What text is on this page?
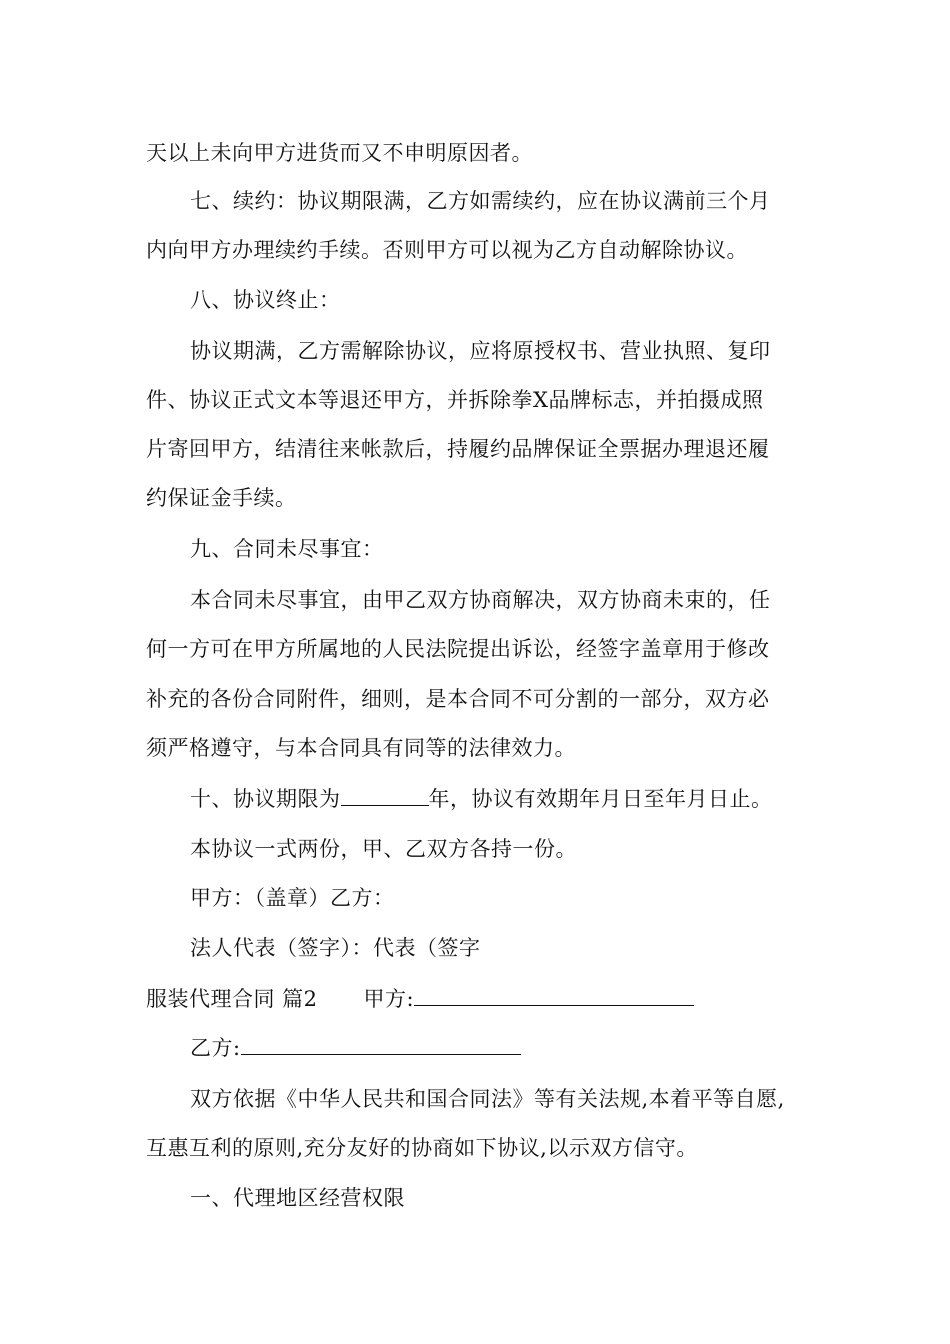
天以上未向甲方进货而又不申明原因者。
七、续约：协议期限满，乙方如需续约，应在协议满前三个月
内向甲方办理续约手续。否则甲方可以视为乙方自动解除协议。
八、协议终止：
协议期满，乙方需解除协议，应将原授权书、营业执照、复印
件、协议正式文本等退还甲方，并拆除拳X品牌标志，并拍摄成照
片寄回甲方，结清往来帐款后，持履约品牌保证全票据办理退还履
约保证金手续。
九、合同未尽事宜：
本合同未尽事宜，由甲乙双方协商解决，双方协商未束的，任
何一方可在甲方所属地的人民法院提出诉讼，经签字盖章用于修改
补充的各份合同附件，细则，是本合同不可分割的一部分，双方必
须严格遵守，与本合同具有同等的法律效力。
十、协议期限为	年，协议有效期年月日至年月日止。
本协议一式两份，甲、乙双方各持一份。
甲方：（盖章）乙方：
法人代表（签字）：代表（签字
服装代理合同 篇2 甲方:
乙方:
双方依据《中华人民共和国合同法》等有关法规,本着平等自愿,
互惠互利的原则,充分友好的协商如下协议,以示双方信守。
一、代理地区经营权限
